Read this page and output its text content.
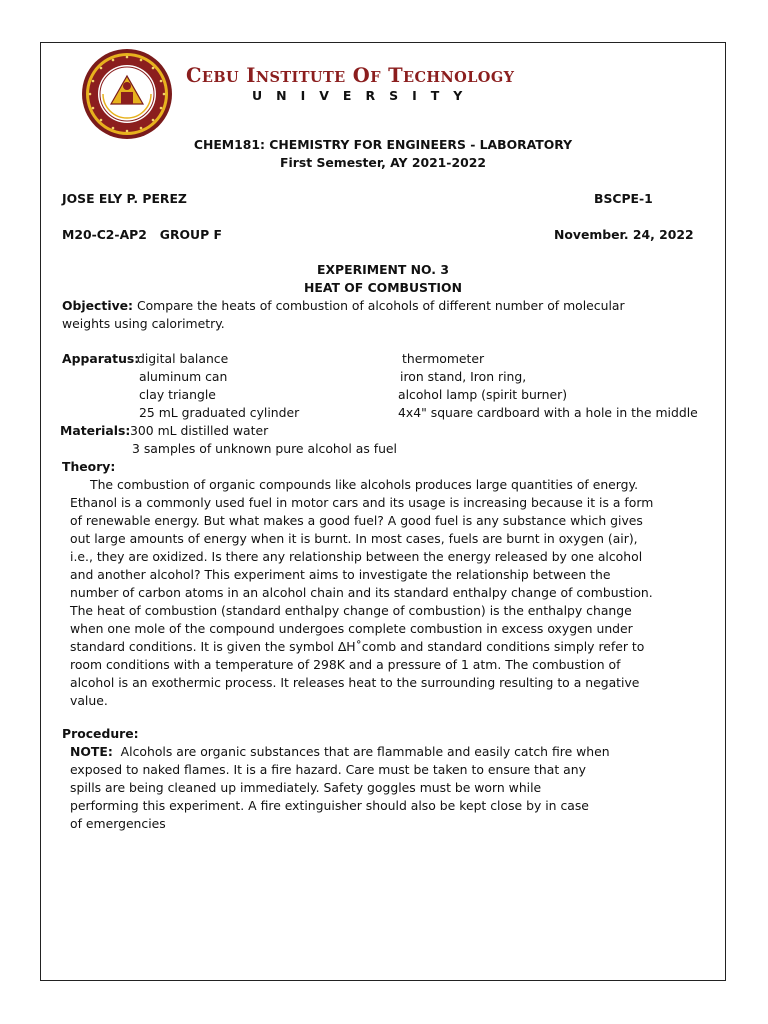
CEBU INSTITUTE OF TECHNOLOGY
UNIVERSITY
CHEM181: CHEMISTRY FOR ENGINEERS - LABORATORY
First Semester, AY 2021-2022
JOSE ELY P. PEREZ	BSCPE-1
M20-C2-AP2   GROUP F	November. 24, 2022
EXPERIMENT NO. 3
HEAT OF COMBUSTION
Objective: Compare the heats of combustion of alcohols of different number of molecular
weights using calorimetry.
Apparatus:
digital balance
aluminum can
clay triangle
25 mL graduated cylinder
thermometer
iron stand, Iron ring,
alcohol lamp (spirit burner)
4x4" square cardboard with a hole in the middle
Materials: 300 mL distilled water
3 samples of unknown pure alcohol as fuel
Theory:
The combustion of organic compounds like alcohols produces large quantities of energy.
Ethanol is a commonly used fuel in motor cars and its usage is increasing because it is a form
of renewable energy. But what makes a good fuel? A good fuel is any substance which gives
out large amounts of energy when it is burnt. In most cases, fuels are burnt in oxygen (air),
i.e., they are oxidized. Is there any relationship between the energy released by one alcohol
and another alcohol? This experiment aims to investigate the relationship between the
number of carbon atoms in an alcohol chain and its standard enthalpy change of combustion.
The heat of combustion (standard enthalpy change of combustion) is the enthalpy change
when one mole of the compound undergoes complete combustion in excess oxygen under
standard conditions. It is given the symbol ΔH˚comb and standard conditions simply refer to
room conditions with a temperature of 298K and a pressure of 1 atm. The combustion of
alcohol is an exothermic process. It releases heat to the surrounding resulting to a negative
value.
Procedure:
NOTE:  Alcohols are organic substances that are flammable and easily catch fire when
exposed to naked flames. It is a fire hazard. Care must be taken to ensure that any
spills are being cleaned up immediately. Safety goggles must be worn while
performing this experiment. A fire extinguisher should also be kept close by in case
of emergencies
